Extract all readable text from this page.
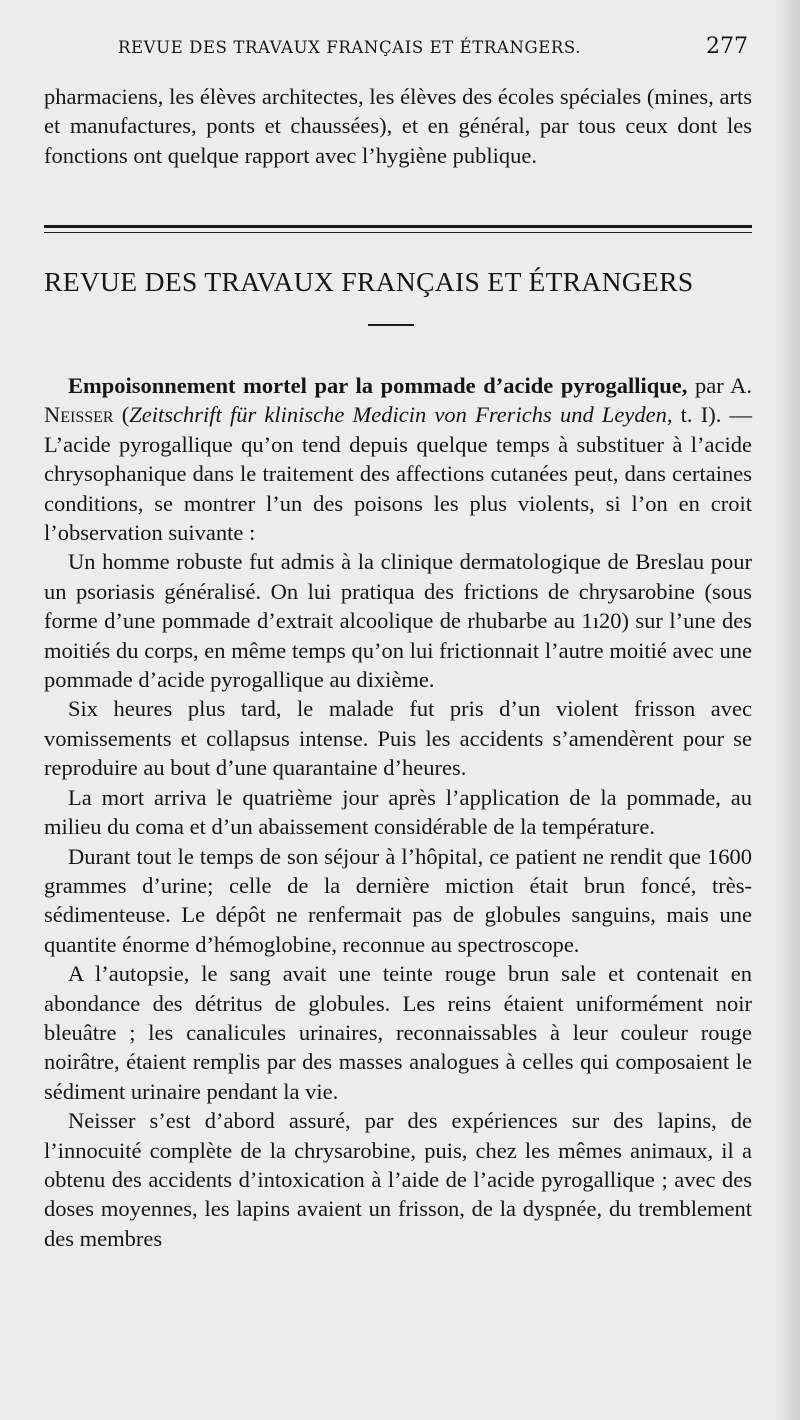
REVUE DES TRAVAUX FRANÇAIS ET ÉTRANGERS.	277
pharmaciens, les élèves architectes, les élèves des écoles spéciales (mines, arts et manufactures, ponts et chaussées), et en général, par tous ceux dont les fonctions ont quelque rapport avec l’hygiène publique.
REVUE DES TRAVAUX FRANÇAIS ET ÉTRANGERS

Empoisonnement mortel par la pommade d’acide pyrogallique, par A. Neisser (Zeitschrift für klinische Medicin von Frerichs und Leyden, t. I). — L’acide pyrogallique qu’on tend depuis quelque temps à substituer à l’acide chrysophanique dans le traitement des affections cutanées peut, dans certaines conditions, se montrer l’un des poisons les plus violents, si l’on en croit l’observation suivante :

Un homme robuste fut admis à la clinique dermatologique de Breslau pour un psoriasis généralisé. On lui pratiqua des frictions de chrysarobine (sous forme d’une pommade d’extrait alcoolique de rhubarbe au 1ı20) sur l’une des moitiés du corps, en même temps qu’on lui frictionnait l’autre moitié avec une pommade d’acide pyrogallique au dixième.

Six heures plus tard, le malade fut pris d’un violent frisson avec vomissements et collapsus intense. Puis les accidents s’amendèrent pour se reproduire au bout d’une quarantaine d’heures.

La mort arriva le quatrième jour après l’application de la pommade, au milieu du coma et d’un abaissement considérable de la température.

Durant tout le temps de son séjour à l’hôpital, ce patient ne rendit que 1600 grammes d’urine; celle de la dernière miction était brun foncé, très-sédimenteuse. Le dépôt ne renfermait pas de globules sanguins, mais une quantite énorme d’hémoglobine, reconnue au spectroscope.

A l’autopsie, le sang avait une teinte rouge brun sale et contenait en abondance des détritus de globules. Les reins étaient uniformément noir bleuâtre ; les canalicules urinaires, reconnaissables à leur couleur rouge noirâtre, étaient remplis par des masses analogues à celles qui composaient le sédiment urinaire pendant la vie.

Neisser s’est d’abord assuré, par des expériences sur des lapins, de l’innocuité complète de la chrysarobine, puis, chez les mêmes animaux, il a obtenu des accidents d’intoxication à l’aide de l’acide pyrogallique ; avec des doses moyennes, les lapins avaient un frisson, de la dyspnée, du tremblement des membres
